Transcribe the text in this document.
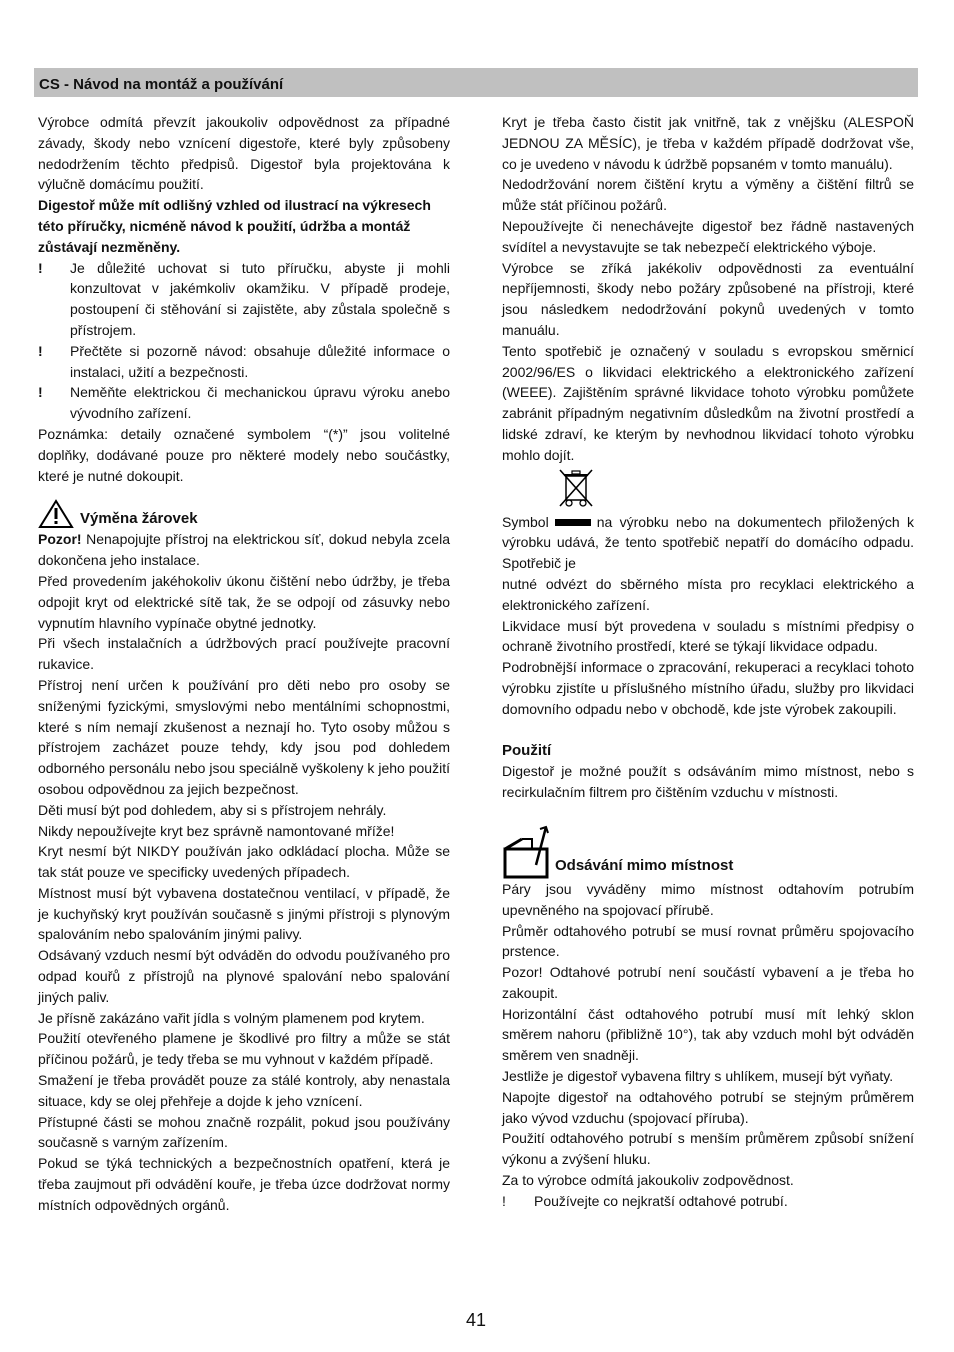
CS - Návod na montáž a používání

Výrobce odmítá převzít jakoukoliv odpovědnost za případné závady, škody nebo vznícení digestoře, které byly způsobeny nedodržením těchto předpisů. Digestoř byla projektována k výlučně domácímu použití.

Digestoř může mít odlišný vzhled od ilustrací na výkresech této příručky, nicméně návod k použití, údržba a montáž zůstávají nezměněny.

!	Je důležité uchovat si tuto příručku, abyste ji mohli konzultovat v jakémkoliv okamžiku. V případě prodeje, postoupení či stěhování si zajistěte, aby zůstala společně s přístrojem.
!	Přečtěte si pozorně návod: obsahuje důležité informace o instalaci, užití a bezpečnosti.
!	Neměňte elektrickou či mechanickou úpravu výroku anebo vývodního zařízení.

Poznámka: detaily označené symbolem “(*)” jsou volitelné doplňky, dodávané pouze pro některé modely nebo součástky, které je nutné dokoupit.

Výměna žárovek

Pozor! Nenapojujte přístroj na elektrickou síť, dokud nebyla zcela dokončena jeho instalace.

Před provedením jakéhokoliv úkonu čištění nebo údržby, je třeba odpojit kryt od elektrické sítě tak, že se odpojí od zásuvky nebo vypnutím hlavního vypínače obytné jednotky.

Při všech instalačních a údržbových prací používejte pracovní rukavice.

Přístroj není určen k používání pro děti nebo pro osoby se sníženými fyzickými, smyslovými nebo mentálními schopnostmi, které s ním nemají zkušenost a neznají ho. Tyto osoby můžou s přístrojem zacházet pouze tehdy, kdy jsou pod dohledem odborného personálu nebo jsou speciálně vyškoleny k jeho použití osobou odpovědnou za jejich bezpečnost.

Děti musí být pod dohledem, aby si s přístrojem nehrály.

Nikdy nepoužívejte kryt bez správně namontované mříže!

Kryt nesmí být NIKDY používán jako odkládací plocha. Může se tak stát pouze ve specificky uvedených případech.

Místnost musí být vybavena dostatečnou ventilací, v případě, že je kuchyňský kryt používán současně s jinými přístroji s plynovým spalováním nebo spalováním jinými palivy.

Odsávaný vzduch nesmí být odváděn do odvodu používaného pro odpad kouřů z přístrojů na plynové spalování nebo spalování jiných paliv.

Je přísně zakázáno vařit jídla s volným plamenem pod krytem.

Použití otevřeného plamene je škodlivé pro filtry a může se stát příčinou požárů, je tedy třeba se mu vyhnout v každém případě.

Smažení je třeba provádět pouze za stálé kontroly, aby nenastala situace, kdy se olej přehřeje a dojde k jeho vznícení.

Přístupné části se mohou značně rozpálit, pokud jsou používány současně s varným zařízením.

Pokud se týká technických a bezpečnostních opatření, která je třeba zaujmout při odvádění kouře, je třeba úzce dodržovat normy místních odpovědných orgánů.

Kryt je třeba často čistit jak vnitřně, tak z vnějšku (ALESPOŇ JEDNOU ZA MĚSÍC), je třeba v každém případě dodržovat vše, co je uvedeno v návodu k údržbě popsaném v tomto manuálu).

Nedodržování norem čištění krytu a výměny a čištění filtrů se může stát příčinou požárů.

Nepoužívejte či nenechávejte digestoř bez řádně nastavených svídítel a nevystavujte se tak nebezpečí elektrického výboje.

Výrobce se zříká jakékoliv odpovědnosti za eventuální nepříjemnosti, škody nebo požáry způsobené na přístroji, které jsou následkem nedodržování pokynů uvedených v tomto manuálu.

Tento spotřebič je označený v souladu s evropskou směrnicí 2002/96/ES o likvidaci elektrického a elektronického zařízení (WEEE). Zajištěním správné likvidace tohoto výrobku pomůžete zabránit případným negativním důsledkům na životní prostředí a lidské zdraví, ke kterým by nevhodnou likvidací tohoto výrobku mohlo dojít.

Symbol	na výrobku nebo na dokumentech přiložených k výrobku udává, že tento spotřebič nepatří do domácího odpadu. Spotřebič je

nutné odvézt do sběrného místa pro recyklaci elektrického a elektronického zařízení.

Likvidace musí být provedena v souladu s místními předpisy o ochraně životního prostředí, které se týkají likvidace odpadu.

Podrobnější informace o zpracování, rekuperaci a recyklaci tohoto výrobku zjistíte u příslušného místního úřadu, služby pro likvidaci domovního odpadu nebo v obchodě, kde jste výrobek zakoupili.

Použití

Digestoř je možné použít s odsáváním mimo místnost, nebo s recirkulačním filtrem pro čištěním vzduchu v místnosti.

Odsávání mimo místnost

Páry jsou vyváděny mimo místnost odtahovím potrubím upevněného na spojovací přírubě.

Průměr odtahového potrubí se musí rovnat průměru spojovacího prstence.

Pozor! Odtahové potrubí není součástí vybavení a je třeba ho zakoupit.

Horizontální část odtahového potrubí musí mít lehký sklon směrem nahoru (přibližně 10°), tak aby vzduch mohl být odváděn směrem ven snadněji.

Jestliže je digestoř vybavena filtry s uhlíkem, musejí být vyňaty.

Napojte digestoř na odtahového potrubí se stejným průměrem jako vývod vzduchu (spojovací příruba).

Použití odtahového potrubí s menším průměrem způsobí snížení výkonu a zvýšení hluku.

Za to výrobce odmítá jakoukoliv zodpovědnost.

!	Používejte co nejkratší odtahové potrubí.
41
